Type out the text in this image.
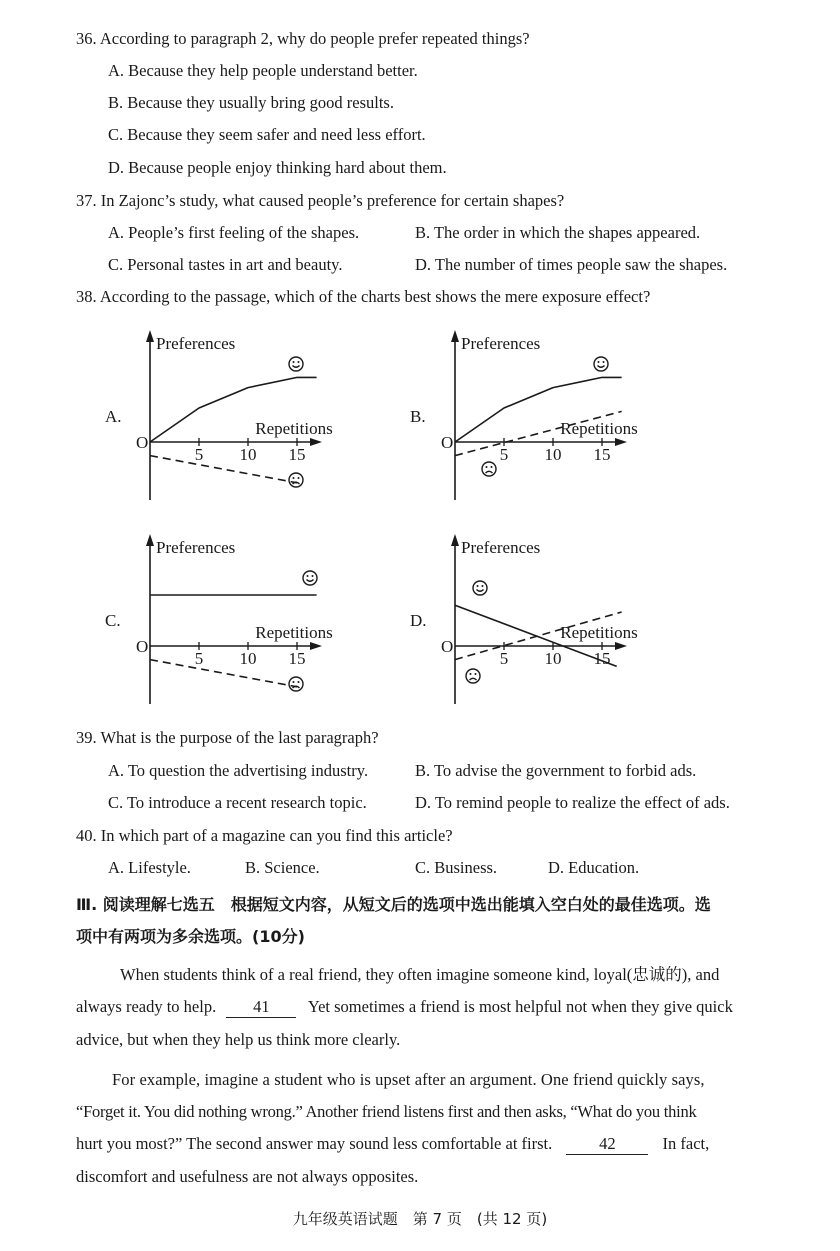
36. According to paragraph 2, why do people prefer repeated things?
A. Because they help people understand better.
B. Because they usually bring good results.
C. Because they seem safer and need less effort.
D. Because people enjoy thinking hard about them.
37. In Zajonc’s study, what caused people’s preference for certain shapes?
A. People’s first feeling of the shapes.	B. The order in which the shapes appeared.
C. Personal tastes in art and beauty.	D. The number of times people saw the shapes.
38. According to the passage, which of the charts best shows the mere exposure effect?
A.
Preferences
Repetitions
O
5 10 15
B.
Preferences
Repetitions
O
5 10 15
C.
Preferences
Repetitions
O
5 10 15
D.
Preferences
Repetitions
O
5 10 15
39. What is the purpose of the last paragraph?
A. To question the advertising industry.	B. To advise the government to forbid ads.
C. To introduce a recent research topic.	D. To remind people to realize the effect of ads.
40. In which part of a magazine can you find this article?
A. Lifestyle.	B. Science.	C. Business.	D. Education.
Ⅲ. 阅读理解七选五　根据短文内容，从短文后的选项中选出能填入空白处的最佳选项。选
项中有两项为多余选项。(10分)
When students think of a real friend, they often imagine someone kind, loyal(忠诚的), and
always ready to help. 41 Yet sometimes a friend is most helpful not when they give quick
advice, but when they help us think more clearly.
For example, imagine a student who is upset after an argument. One friend quickly says,
“Forget it. You did nothing wrong.” Another friend listens first and then asks, “What do you think
hurt you most?” The second answer may sound less comfortable at first.	42	In fact,
discomfort and usefulness are not always opposites.
九年级英语试题　第 7 页　(共 12 页)
